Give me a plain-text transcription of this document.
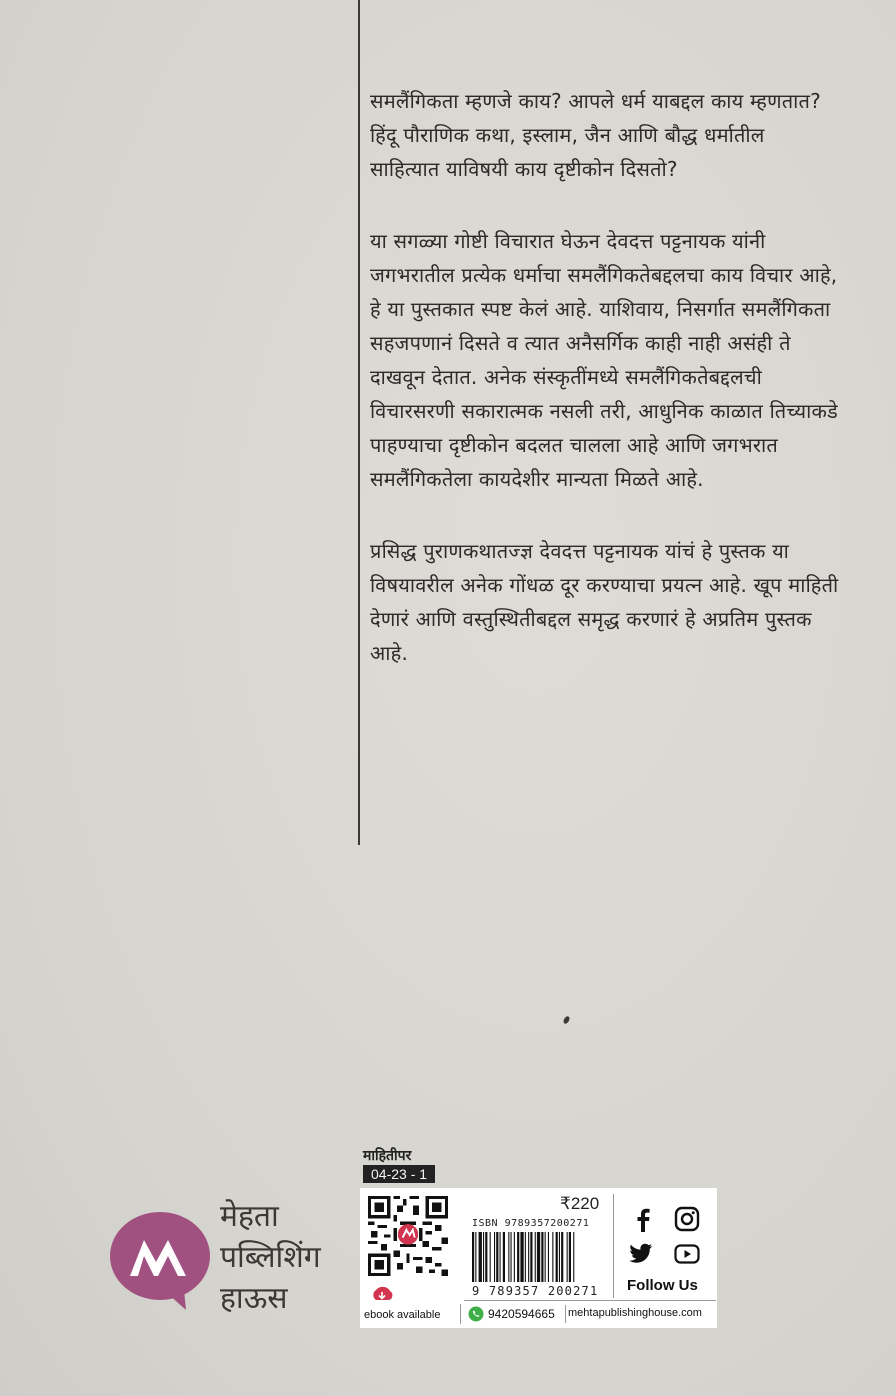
समलैंगिकता म्हणजे काय? आपले धर्म याबद्दल काय म्हणतात? हिंदू पौराणिक कथा, इस्लाम, जैन आणि बौद्ध धर्मातील साहित्यात याविषयी काय दृष्टीकोन दिसतो?

या सगळ्या गोष्टी विचारात घेऊन देवदत्त पट्टनायक यांनी जगभरातील प्रत्येक धर्माचा समलैंगिकतेबद्दलचा काय विचार आहे, हे या पुस्तकात स्पष्ट केलं आहे. याशिवाय, निसर्गात समलैंगिकता सहजपणानं दिसते व त्यात अनैसर्गिक काही नाही असंही ते दाखवून देतात. अनेक संस्कृतींमध्ये समलैंगिकतेबद्दलची विचारसरणी सकारात्मक नसली तरी, आधुनिक काळात तिच्याकडे पाहण्याचा दृष्टीकोन बदलत चालला आहे आणि जगभरात समलैंगिकतेला कायदेशीर मान्यता मिळते आहे.

प्रसिद्ध पुराणकथातज्ज्ञ देवदत्त पट्टनायक यांचं हे पुस्तक या विषयावरील अनेक गोंधळ दूर करण्याचा प्रयत्न आहे. खूप माहिती देणारं आणि वस्तुस्थितीबद्दल समृद्ध करणारं हे अप्रतिम पुस्तक आहे.

मेहता
पब्लिशिंग
हाऊस
माहितीपर
04-23 - 1
ebook available
₹220
ISBN 9789357200271
9 789357 200271 Follow Us
9420594665 mehtapublishinghouse.com
